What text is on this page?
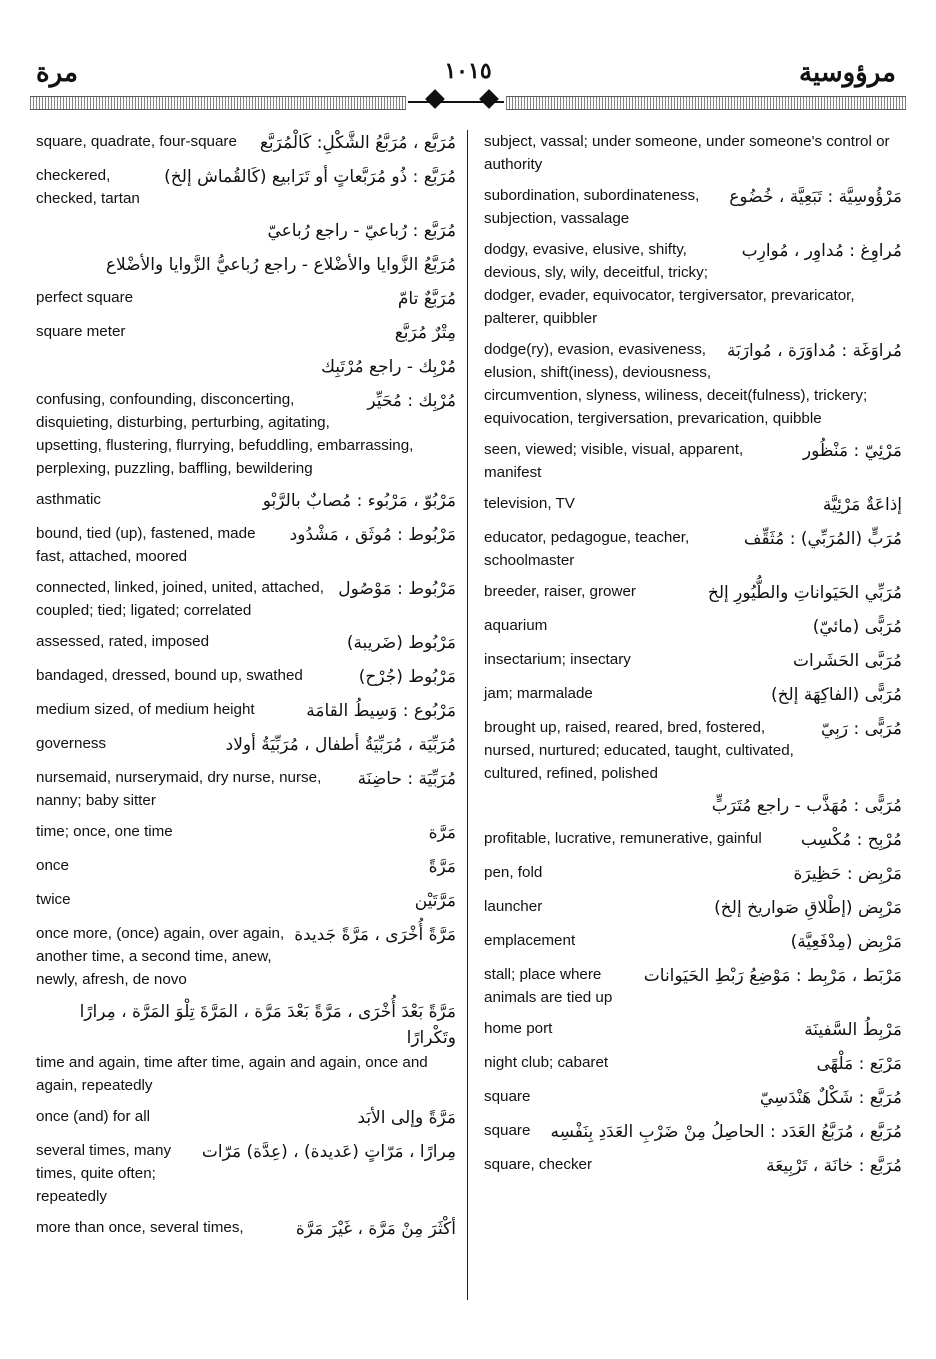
مرؤوسية
١٠١٥
مرة
مُرَبَّع ، مُرَبَّعُ الشَّكْلِ: كَالْمُرَبَّع
square, quadrate, four-square
مُرَبَّع : ذُو مُرَبَّعاتٍ أو تَرَابيع (كَالقُماش إلخ)
checkered, checked, tartan
مُرَبَّع : رُباعيّ - راجع رُباعيّ
مُرَبَّعُ الزَّوايا والأضْلاع - راجع رُباعيُّ الزَّوايا والأضْلاع
مُرَبَّعٌ تامّ
perfect square
مِتْرٌ مُرَبَّع
square meter
مُرْبِك - راجع مُرْتَبِك
مُرْبِك : مُحَيِّر
confusing, confounding, disconcerting, disquieting, disturbing, perturbing, agitating, upsetting, flustering, flurrying, befuddling, embarrassing, perplexing, puzzling, baffling, bewildering
مَرْبُوّ ، مَرْبُوء : مُصابٌ بالرَّبْو
asthmatic
مَرْبُوط : مُوثَق ، مَشْدُود
bound, tied (up), fastened, made fast, attached, moored
مَرْبُوط : مَوْصُول
connected, linked, joined, united, attached, coupled; tied; ligated; correlated
مَرْبُوط (ضَريبة)
assessed, rated, imposed
مَرْبُوط (جُرْح)
bandaged, dressed, bound up, swathed
مَرْبُوع : وَسِيطُ القامَة
medium sized, of medium height
مُرَبِّيَة ، مُرَبِّيَةُ أطفال ، مُرَبِّيَةُ أولاد
governess
مُرَبِّيَة : حاضِنَة
nursemaid, nurserymaid, dry nurse, nurse, nanny; baby sitter
مَرَّة
time; once, one time
مَرَّةً
once
مَرَّتَيْن
twice
مَرَّةً أُخْرَى ، مَرَّةً جَديدة
once more, (once) again, over again, another time, a second time, anew, newly, afresh, de novo
مَرَّةً بَعْدَ أُخْرَى ، مَرَّةً بَعْدَ مَرَّة ، المَرَّةَ تِلْوَ المَرَّة ، مِرارًا وتَكْرارًا
time and again, time after time, again and again, once and again, repeatedly
مَرَّةً وإلى الأبَد
once (and) for all
مِرارًا ، مَرّاتٍ (عَديدة) ، (عِدَّة) مَرّات
several times, many times, quite often; repeatedly
أكْثَرَ مِنْ مَرَّة ، غَيْرَ مَرَّة
more than once, several times,
subject, vassal; under someone, under someone's control or authority
مَرْؤُوسِيَّة : تَبَعِيَّة ، خُضُوع
subordination, subordinateness, subjection, vassalage
مُراوِغ : مُداوِر ، مُوارِب
dodgy, evasive, elusive, shifty, devious, sly, wily, deceitful, tricky; dodger, evader, equivocator, tergiversator, prevaricator, palterer, quibbler
مُراوَغَة : مُداوَرَة ، مُوارَبَة
dodge(ry), evasion, evasiveness, elusion, shift(iness), deviousness, circumvention, slyness, wiliness, deceit(fulness), trickery; equivocation, tergiversation, prevarication, quibble
مَرْئِيّ : مَنْظُور
seen, viewed; visible, visual, apparent, manifest
إذاعَةٌ مَرْئِيَّة
television, TV
مُرَبٍّ (المُرَبِّي) : مُثَقِّف
educator, pedagogue, teacher, schoolmaster
مُرَبِّي الحَيَواناتِ والطُّيُورِ إلخ
breeder, raiser, grower
مُرَبًّى (مائيّ)
aquarium
مُرَبَّى الحَشَرات
insectarium; insectary
مُرَبًّى (الفاكِهَة إلخ)
jam; marmalade
مُرَبًّى : رَبِيّ
brought up, raised, reared, bred, fostered, nursed, nurtured; educated, taught, cultivated, cultured, refined, polished
مُرَبًّى : مُهَذَّب - راجع مُتَرَبٍّ
مُرْبِح : مُكْسِب
profitable, lucrative, remunerative, gainful
مَرْبِض : حَظِيرَة
pen, fold
مَرْبِض (إطْلاقِ صَواريخ إلخ)
launcher
مَرْبِض (مِدْفَعِيَّة)
emplacement
مَرْبَط ، مَرْبِط : مَوْضِعُ رَبْطِ الحَيَوانات
stall; place where animals are tied up
مَرْبِطُ السَّفينَة
home port
مَرْبَع : مَلْهًى
night club; cabaret
مُرَبَّع : شَكْلٌ هَنْدَسِيّ
square
مُرَبَّع ، مُرَبَّعُ العَدَد : الحاصِلُ مِنْ ضَرْبِ العَدَدِ بِنَفْسِه
square
مُرَبَّع : خانَة ، تَرْبِيعَة
square, checker
